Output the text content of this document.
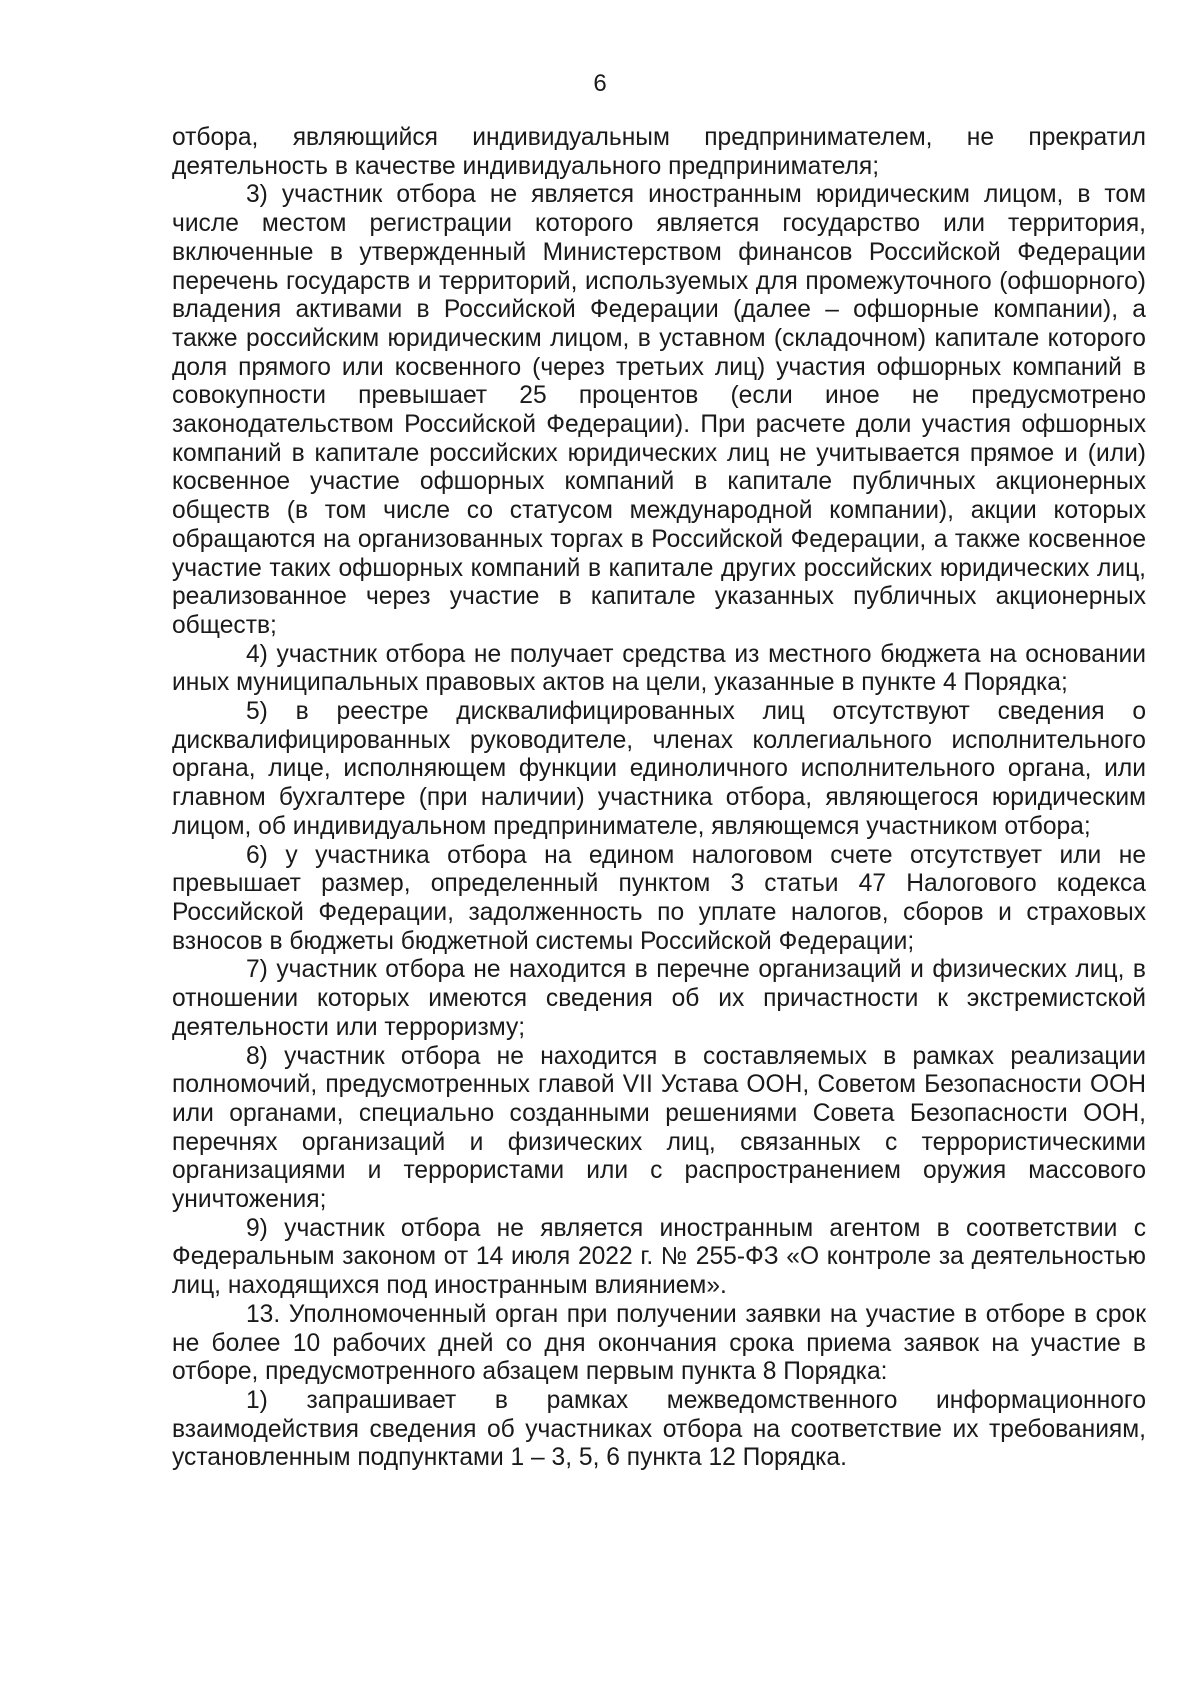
6

отбора, являющийся индивидуальным предпринимателем, не прекратил деятельность в качестве индивидуального предпринимателя;

3) участник отбора не является иностранным юридическим лицом, в том числе местом регистрации которого является государство или территория, включенные в утвержденный Министерством финансов Российской Федерации перечень государств и территорий, используемых для промежуточного (офшорного) владения активами в Российской Федерации (далее – офшорные компании), а также российским юридическим лицом, в уставном (складочном) капитале которого доля прямого или косвенного (через третьих лиц) участия офшорных компаний в совокупности превышает 25 процентов (если иное не предусмотрено законодательством Российской Федерации). При расчете доли участия офшорных компаний в капитале российских юридических лиц не учитывается прямое и (или) косвенное участие офшорных компаний в капитале публичных акционерных обществ (в том числе со статусом международной компании), акции которых обращаются на организованных торгах в Российской Федерации, а также косвенное участие таких офшорных компаний в капитале других российских юридических лиц, реализованное через участие в капитале указанных публичных акционерных обществ;

4) участник отбора не получает средства из местного бюджета на основании иных муниципальных правовых актов на цели, указанные в пункте 4 Порядка;

5) в реестре дисквалифицированных лиц отсутствуют сведения о дисквалифицированных руководителе, членах коллегиального исполнительного органа, лице, исполняющем функции единоличного исполнительного органа, или главном бухгалтере (при наличии) участника отбора, являющегося юридическим лицом, об индивидуальном предпринимателе, являющемся участником отбора;

6) у участника отбора на едином налоговом счете отсутствует или не превышает размер, определенный пунктом 3 статьи 47 Налогового кодекса Российской Федерации, задолженность по уплате налогов, сборов и страховых взносов в бюджеты бюджетной системы Российской Федерации;

7) участник отбора не находится в перечне организаций и физических лиц, в отношении которых имеются сведения об их причастности к экстремистской деятельности или терроризму;

8) участник отбора не находится в составляемых в рамках реализации полномочий, предусмотренных главой VII Устава ООН, Советом Безопасности ООН или органами, специально созданными решениями Совета Безопасности ООН, перечнях организаций и физических лиц, связанных с террористическими организациями и террористами или с распространением оружия массового уничтожения;

9) участник отбора не является иностранным агентом в соответствии с Федеральным законом от 14 июля 2022 г. № 255-ФЗ «О контроле за деятельностью лиц, находящихся под иностранным влиянием».

13. Уполномоченный орган при получении заявки на участие в отборе в срок не более 10 рабочих дней со дня окончания срока приема заявок на участие в отборе, предусмотренного абзацем первым пункта 8 Порядка:

1) запрашивает в рамках межведомственного информационного взаимодействия сведения об участниках отбора на соответствие их требованиям, установленным подпунктами 1 – 3, 5, 6 пункта 12 Порядка.
